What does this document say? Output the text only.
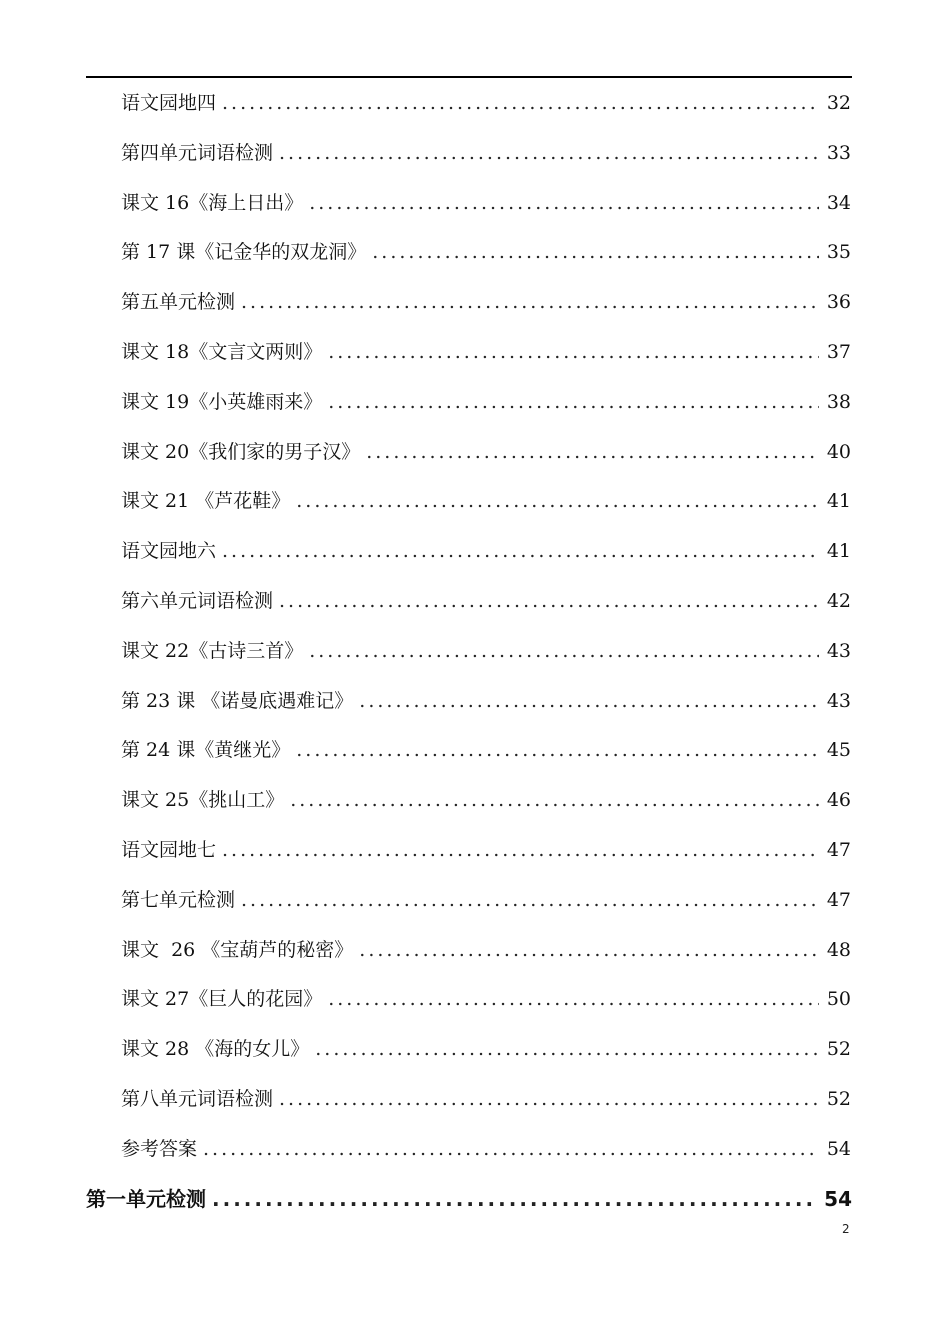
语文园地四 .....	32
第四单元词语检测 .....	33
课文 16《海上日出》 .....	34
第 17 课《记金华的双龙洞》 .....	35
第五单元检测 .....	36
课文 18《文言文两则》 .....	37
课文 19《小英雄雨来》 .....	38
课文 20《我们家的男子汉》 .....	40
课文 21 《芦花鞋》 .....	41
语文园地六 .....	41
第六单元词语检测 .....	42
课文 22《古诗三首》 .....	43
第 23 课 《诺曼底遇难记》 .....	43
第 24 课《黄继光》 .....	45
课文 25《挑山工》 .....	46
语文园地七 .....	47
第七单元检测 .....	47
课文  26 《宝葫芦的秘密》 .....	48
课文 27《巨人的花园》 .....	50
课文 28 《海的女儿》 .....	52
第八单元词语检测 .....	52
参考答案 .....	54
第一单元检测 .....	54
2
